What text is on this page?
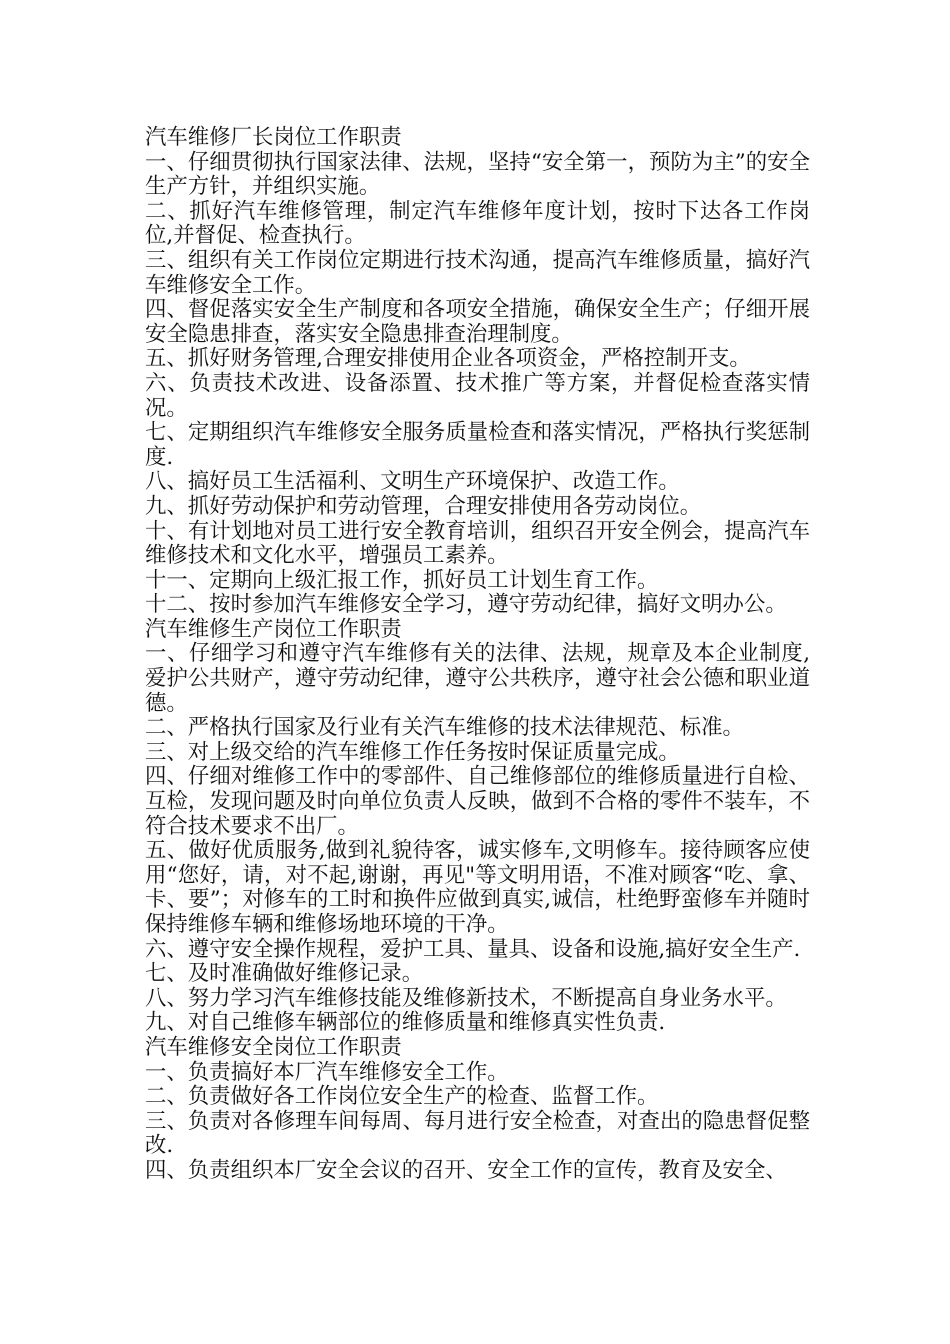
汽车维修厂长岗位工作职责

一、仔细贯彻执行国家法律、法规，坚持“安全第一，预防为主”的安全生产方针，并组织实施。

二、抓好汽车维修管理，制定汽车维修年度计划，按时下达各工作岗位,并督促、检查执行。

三、组织有关工作岗位定期进行技术沟通，提高汽车维修质量，搞好汽车维修安全工作。

四、督促落实安全生产制度和各项安全措施，确保安全生产；仔细开展安全隐患排查，落实安全隐患排查治理制度。

五、抓好财务管理,合理安排使用企业各项资金，严格控制开支。

六、负责技术改进、设备添置、技术推广等方案，并督促检查落实情况。

七、定期组织汽车维修安全服务质量检查和落实情况，严格执行奖惩制度.

八、搞好员工生活福利、文明生产环境保护、改造工作。

九、抓好劳动保护和劳动管理，合理安排使用各劳动岗位。

十、有计划地对员工进行安全教育培训，组织召开安全例会，提高汽车维修技术和文化水平，增强员工素养。

十一、定期向上级汇报工作，抓好员工计划生育工作。

十二、按时参加汽车维修安全学习，遵守劳动纪律，搞好文明办公。

汽车维修生产岗位工作职责

一、仔细学习和遵守汽车维修有关的法律、法规，规章及本企业制度,爱护公共财产，遵守劳动纪律，遵守公共秩序，遵守社会公德和职业道德。

二、严格执行国家及行业有关汽车维修的技术法律规范、标准。

三、对上级交给的汽车维修工作任务按时保证质量完成。

四、仔细对维修工作中的零部件、自己维修部位的维修质量进行自检、互检，发现问题及时向单位负责人反映，做到不合格的零件不装车，不符合技术要求不出厂。

五、做好优质服务,做到礼貌待客，诚实修车,文明修车。接待顾客应使用“您好，请，对不起,谢谢，再见"等文明用语，不准对顾客“吃、拿、卡、要”；对修车的工时和换件应做到真实,诚信，杜绝野蛮修车并随时保持维修车辆和维修场地环境的干净。

六、遵守安全操作规程，爱护工具、量具、设备和设施,搞好安全生产.

七、及时准确做好维修记录。

八、努力学习汽车维修技能及维修新技术，不断提高自身业务水平。

九、对自己维修车辆部位的维修质量和维修真实性负责.

汽车维修安全岗位工作职责

一、负责搞好本厂汽车维修安全工作。

二、负责做好各工作岗位安全生产的检查、监督工作。

三、负责对各修理车间每周、每月进行安全检查，对查出的隐患督促整改.

四、负责组织本厂安全会议的召开、安全工作的宣传，教育及安全、
